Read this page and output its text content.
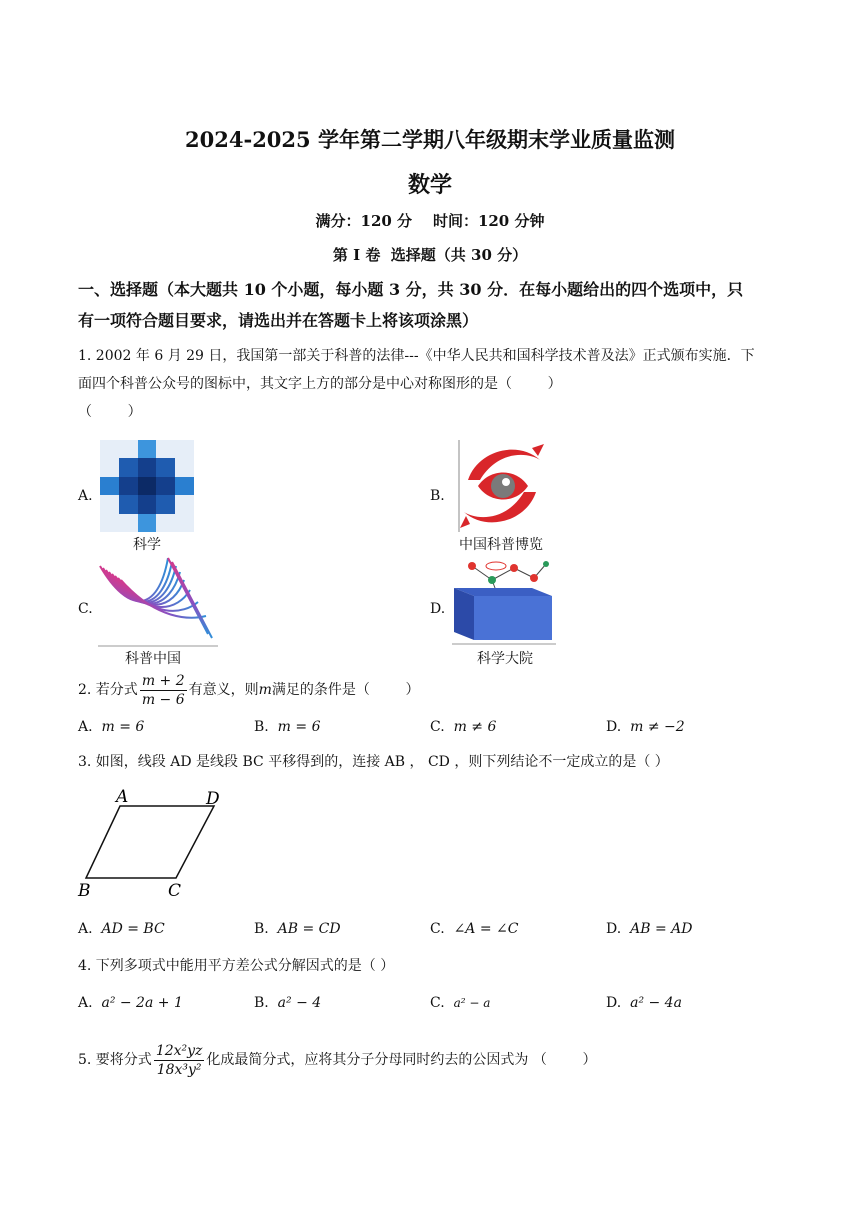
2024-2025 学年第二学期八年级期末学业质量监测
数学
满分：120 分    时间：120 分钟
第 I 卷  选择题（共 30 分）
一、选择题（本大题共 10 个小题，每小题 3 分，共 30 分．在每小题给出的四个选项中，只
有一项符合题目要求，请选出并在答题卡上将该项涂黑）
1. 2002 年 6 月 29 日，我国第一部关于科普的法律---《中华人民共和国科学技术普及法》正式颁布实施．下
面四个科普公众号的图标中，其文字上方的部分是中心对称图形的是（        ）
（        ）
A.
科学
B.
中国科普博览
C.
科普中国
D.
科学大院
2. 若分式 $\frac{m + 2}{m - 6}$ 有意义，则m满足的条件是（        ）
A. m = 6	B. m = 6	C. m ≠ 6	D. m ≠ −2
3. 如图，线段 AD 是线段 BC 平移得到的，连接 AB ， CD ，则下列结论不一定成立的是（ ）
A	D
B	C
A. AD = BC	B. AB = CD	C. ∠A = ∠C	D. AB = AD
4. 下列多项式中能用平方差公式分解因式的是（ ）
A. a² − 2a + 1	B. a² − 4	C. a² − a	D. a² − 4a
5. 要将分式 $\frac{\text{12x²yz}}{\text{18x³y²}}$ 化成最简分式，应将其分子分母同时约去的公因式为 （        ）
